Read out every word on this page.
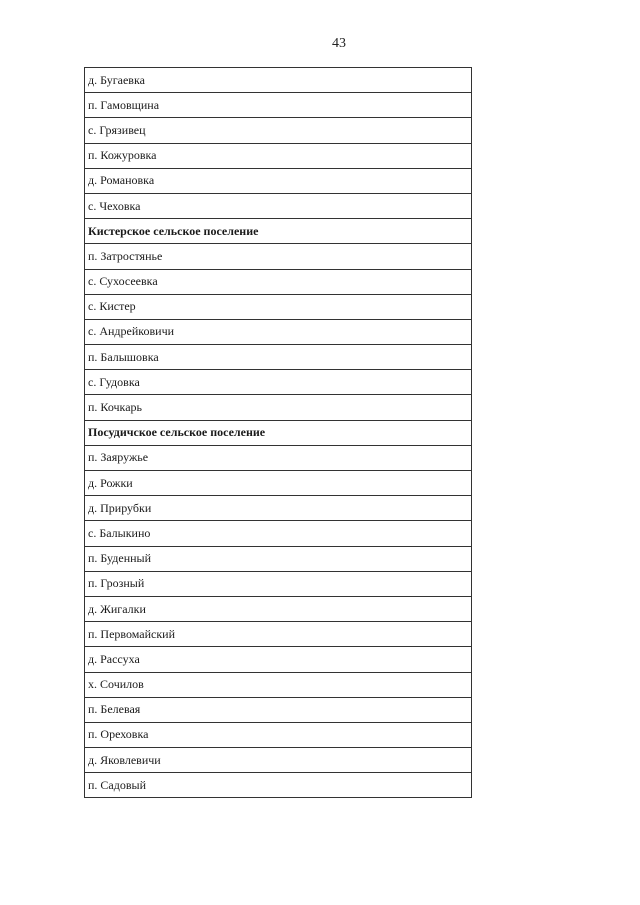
43
д. Бугаевка
п. Гамовщина
с. Грязивец
п. Кожуровка
д. Романовка
с. Чеховка
Кистерское сельское поселение
п. Затростянье
с. Сухосеевка
с. Кистер
с. Андрейковичи
п. Балышовка
с. Гудовка
п. Кочкарь
Посудичское сельское поселение
п. Заяружье
д. Рожки
д. Прирубки
с. Балыкино
п. Буденный
п. Грозный
д. Жигалки
п. Первомайский
д. Рассуха
х. Сочилов
п. Белевая
п. Ореховка
д. Яковлевичи
п. Садовый
